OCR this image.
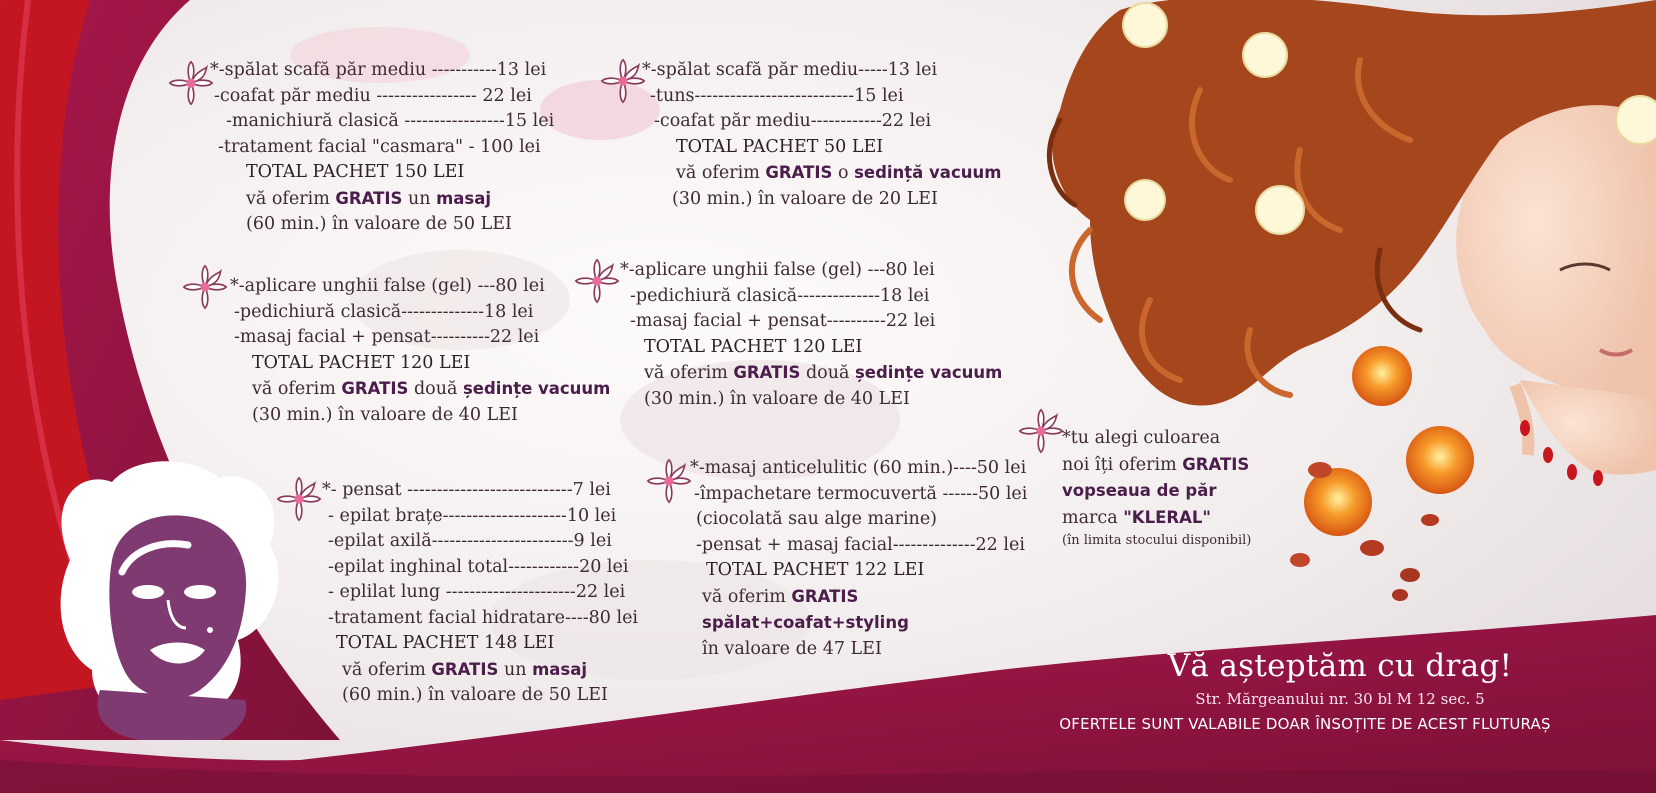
*-spălat scafă păr mediu -----------13 lei
-coafat păr mediu ----------------- 22 lei
-manichiură clasică -----------------15 lei
-tratament facial "casmara" - 100 lei
TOTAL PACHET 150 LEI
vă oferim GRATIS un masaj
(60 min.) în valoare de 50 LEI
*-aplicare unghii false (gel) ---80 lei
-pedichiură clasică--------------18 lei
-masaj facial + pensat----------22 lei
TOTAL PACHET 120 LEI
vă oferim GRATIS două ședințe vacuum
(30 min.) în valoare de 40 LEI
*- pensat ----------------------------7 lei
- epilat brațe---------------------10 lei
-epilat axilă------------------------9 lei
-epilat inghinal total------------20 lei
- eplilat lung ----------------------22 lei
-tratament facial hidratare----80 lei
TOTAL PACHET 148 LEI
vă oferim GRATIS un masaj
(60 min.) în valoare de 50 LEI
*-spălat scafă păr mediu-----13 lei
-tuns---------------------------15 lei
-coafat păr mediu------------22 lei
TOTAL PACHET 50 LEI
vă oferim GRATIS o sedință vacuum
(30 min.) în valoare de 20 LEI
*-aplicare unghii false (gel) ---80 lei
-pedichiură clasică--------------18 lei
-masaj facial + pensat----------22 lei
TOTAL PACHET 120 LEI
vă oferim GRATIS două ședințe vacuum
(30 min.) în valoare de 40 LEI
*-masaj anticelulitic (60 min.)----50 lei
-împachetare termocuvertă ------50 lei
(ciocolată sau alge marine)
-pensat + masaj facial--------------22 lei
TOTAL PACHET 122 LEI
vă oferim GRATIS
spălat+coafat+styling
în valoare de 47 LEI
*tu alegi culoarea
noi îți oferim GRATIS
vopseaua de păr
marca "KLERAL"
(în limita stocului disponibil)
Vă așteptăm cu drag!
Str. Mărgeanului nr. 30 bl M 12 sec. 5
OFERTELE SUNT VALABILE DOAR ÎNSOȚITE DE ACEST FLUTURAȘ
